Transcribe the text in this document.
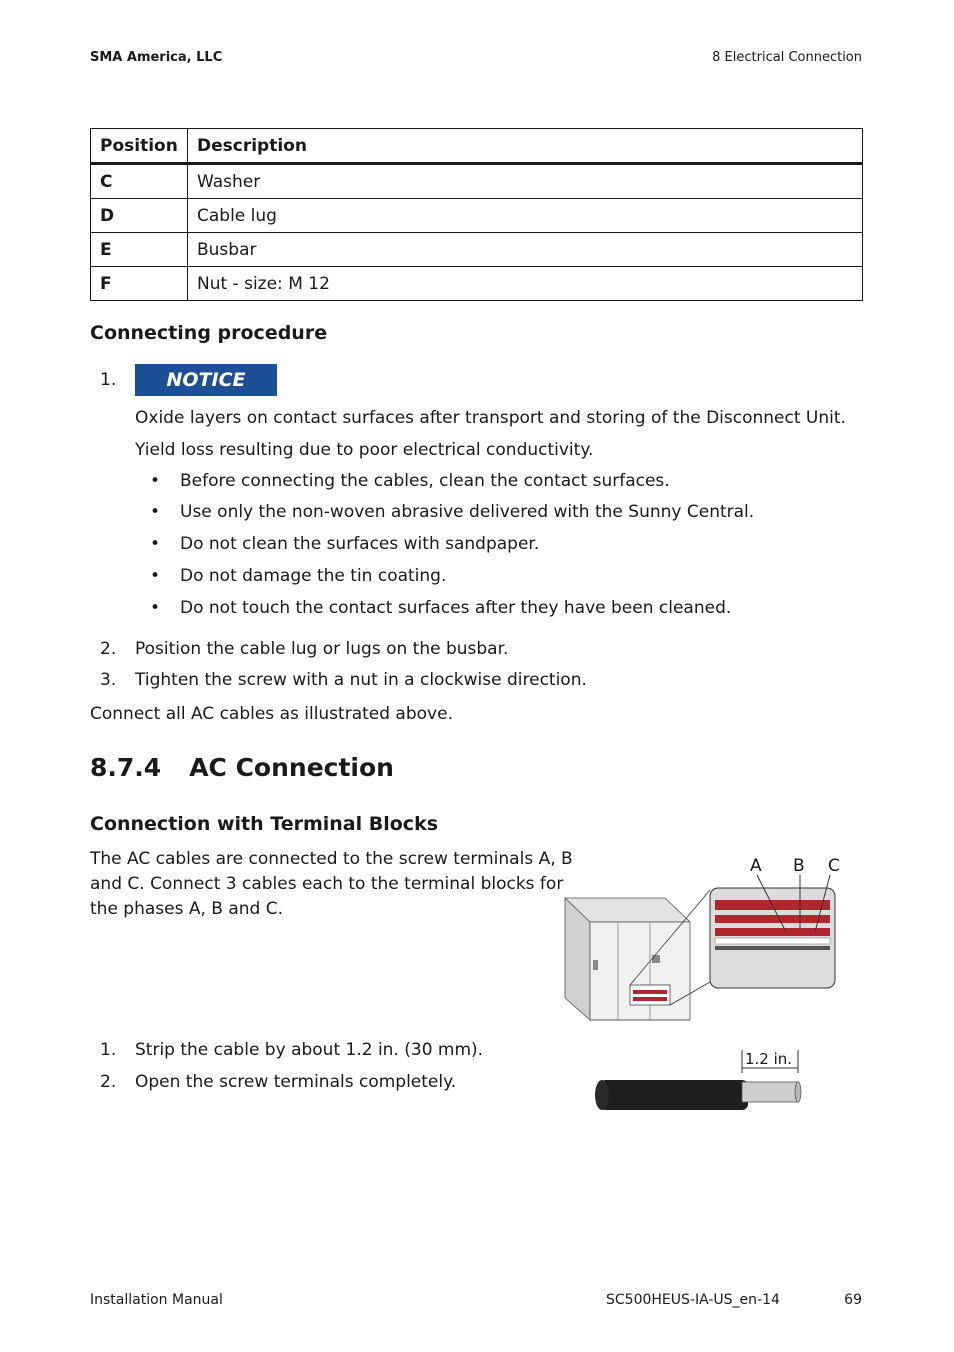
SMA America, LLC	8 Electrical Connection
Position	Description
C	Washer
D	Cable lug
E	Busbar
F	Nut - size: M 12
Connecting procedure
1.	NOTICE
Oxide layers on contact surfaces after transport and storing of the Disconnect Unit.
Yield loss resulting due to poor electrical conductivity.
• Before connecting the cables, clean the contact surfaces.
• Use only the non-woven abrasive delivered with the Sunny Central.
• Do not clean the surfaces with sandpaper.
• Do not damage the tin coating.
• Do not touch the contact surfaces after they have been cleaned.
2. Position the cable lug or lugs on the busbar.
3. Tighten the screw with a nut in a clockwise direction.
Connect all AC cables as illustrated above.
8.7.4 AC Connection
Connection with Terminal Blocks
The AC cables are connected to the screw terminals A, B
and C. Connect 3 cables each to the terminal blocks for
the phases A, B and C.
A B C
1. Strip the cable by about 1.2 in. (30 mm).
2. Open the screw terminals completely.
1.2 in.
Installation Manual	SC500HEUS-IA-US_en-14	69
